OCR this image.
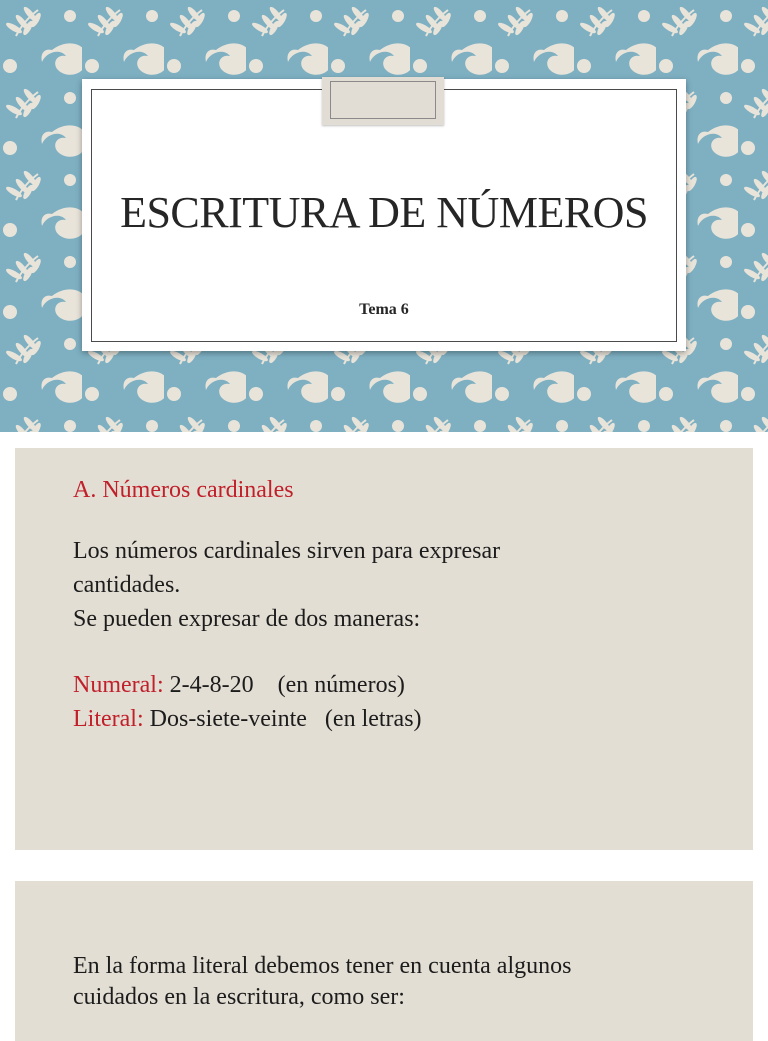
ESCRITURA DE NÚMEROS
Tema 6
A. Números cardinales
Los números cardinales sirven para expresar
cantidades.
Se pueden expresar de dos maneras:
Numeral: 2-4-8-20    (en números)
Literal: Dos-siete-veinte   (en letras)
En la forma literal debemos tener en cuenta algunos
cuidados en la escritura, como ser:
